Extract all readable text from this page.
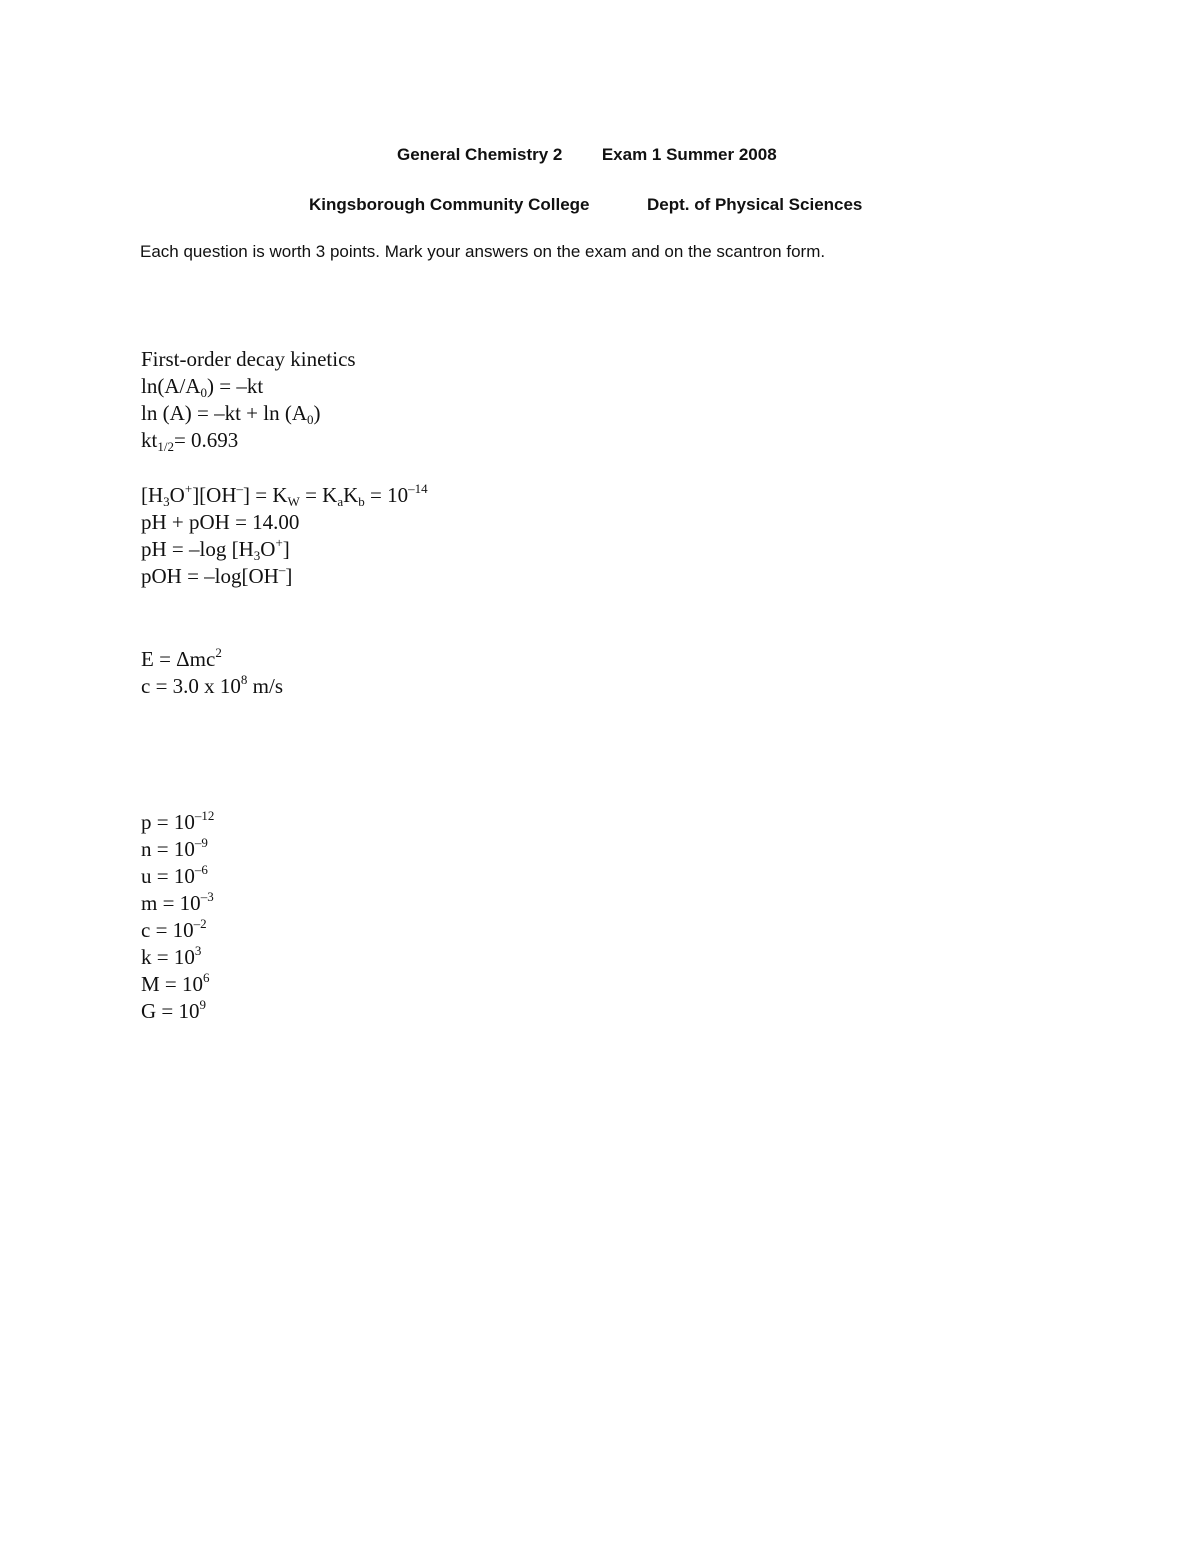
General Chemistry 2 Exam 1 Summer 2008
Kingsborough Community College	Dept. of Physical Sciences
Each question is worth 3 points. Mark your answers on the exam and on the scantron form.
First-order decay kinetics
$\ln(A/A_0) = -kt$
$\ln (A) = -kt + \ln (A_0)$
$kt_{1/2}= 0.693$
$[H_3O^+][OH^-] = K_W = K_aK_b = 10^{-14}$
pH + pOH = 14.00
pH = –log $[H_3O^+]$
pOH = –log[OH–]
E = Δmc$^2$
c = 3.0 x $10^8$ m/s
$p = 10^{-12}$
$n = 10^{-9}$
$u = 10^{-6}$
$m = 10^{-3}$
$c = 10^{-2}$
$k = 10^3$
$M = 10^6$
$G = 10^9$
